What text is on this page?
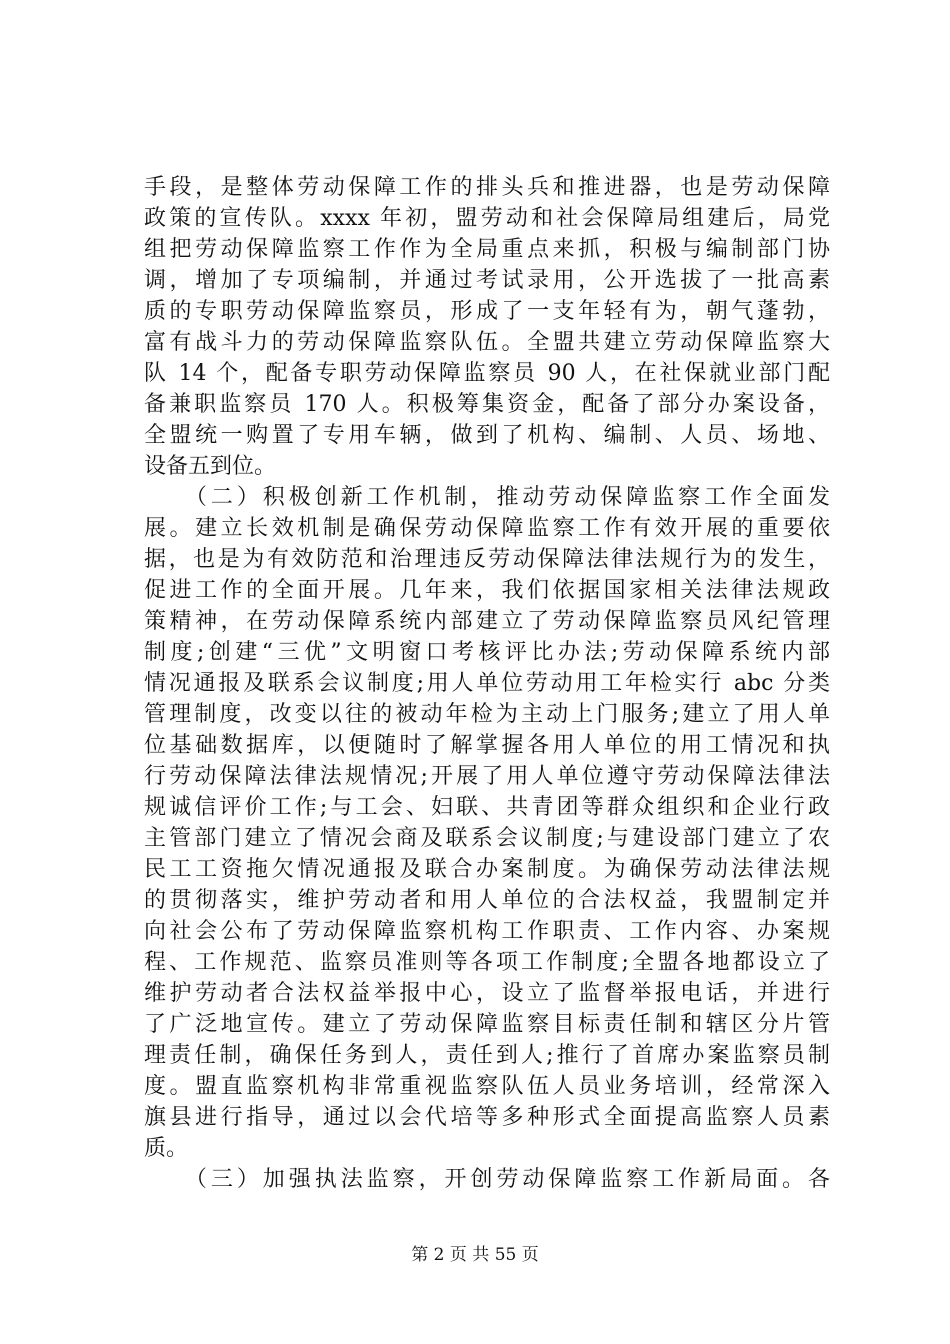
手段，是整体劳动保障工作的排头兵和推进器，也是劳动保障
政策的宣传队。xxxx 年初，盟劳动和社会保障局组建后，局党
组把劳动保障监察工作作为全局重点来抓，积极与编制部门协
调，增加了专项编制，并通过考试录用，公开选拔了一批高素
质的专职劳动保障监察员，形成了一支年轻有为，朝气蓬勃，
富有战斗力的劳动保障监察队伍。全盟共建立劳动保障监察大
队 14 个，配备专职劳动保障监察员 90 人，在社保就业部门配
备兼职监察员 170 人。积极筹集资金，配备了部分办案设备，
全盟统一购置了专用车辆，做到了机构、编制、人员、场地、
设备五到位。
　　（二）积极创新工作机制，推动劳动保障监察工作全面发
展。建立长效机制是确保劳动保障监察工作有效开展的重要依
据，也是为有效防范和治理违反劳动保障法律法规行为的发生，
促进工作的全面开展。几年来，我们依据国家相关法律法规政
策精神，在劳动保障系统内部建立了劳动保障监察员风纪管理
制度;创建“三优”文明窗口考核评比办法;劳动保障系统内部
情况通报及联系会议制度;用人单位劳动用工年检实行 abc 分类
管理制度，改变以往的被动年检为主动上门服务;建立了用人单
位基础数据库，以便随时了解掌握各用人单位的用工情况和执
行劳动保障法律法规情况;开展了用人单位遵守劳动保障法律法
规诚信评价工作;与工会、妇联、共青团等群众组织和企业行政
主管部门建立了情况会商及联系会议制度;与建设部门建立了农
民工工资拖欠情况通报及联合办案制度。为确保劳动法律法规
的贯彻落实，维护劳动者和用人单位的合法权益，我盟制定并
向社会公布了劳动保障监察机构工作职责、工作内容、办案规
程、工作规范、监察员准则等各项工作制度;全盟各地都设立了
维护劳动者合法权益举报中心，设立了监督举报电话，并进行
了广泛地宣传。建立了劳动保障监察目标责任制和辖区分片管
理责任制，确保任务到人，责任到人;推行了首席办案监察员制
度。盟直监察机构非常重视监察队伍人员业务培训，经常深入
旗县进行指导，通过以会代培等多种形式全面提高监察人员素
质。
　　（三）加强执法监察，开创劳动保障监察工作新局面。各
第 2 页 共 55 页
